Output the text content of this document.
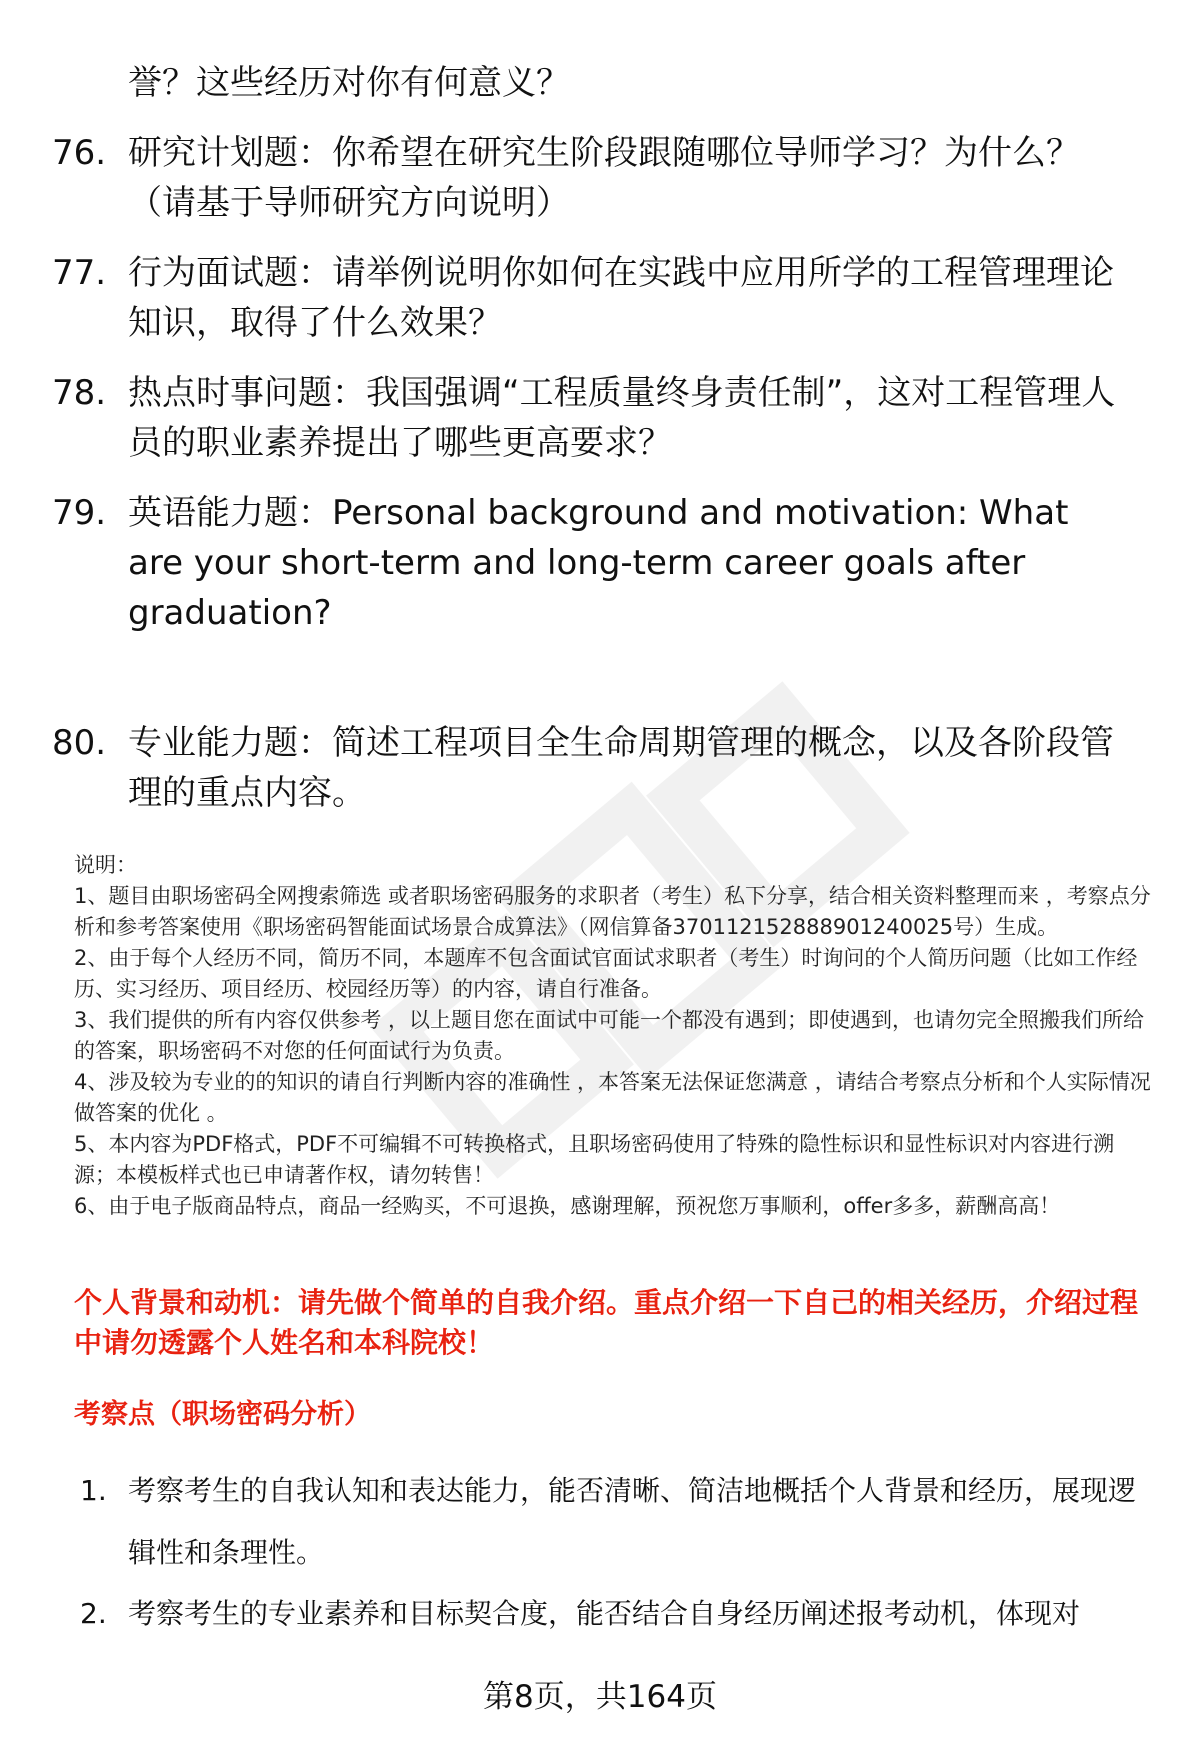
誉？这些经历对你有何意义？
76. 研究计划题：你希望在研究生阶段跟随哪位导师学习？为什么？（请基于导师研究方向说明）
77. 行为面试题：请举例说明你如何在实践中应用所学的工程管理理论知识，取得了什么效果？
78. 热点时事问题：我国强调“工程质量终身责任制”，这对工程管理人员的职业素养提出了哪些更高要求？
79. 英语能力题：Personal background and motivation: What are your short-term and long-term career goals after graduation?
80. 专业能力题：简述工程项目全生命周期管理的概念，以及各阶段管理的重点内容。

说明：

1、题目由职场密码全网搜索筛选 或者职场密码服务的求职者（考生）私下分享，结合相关资料整理而来 ，考察点分析和参考答案使用《职场密码智能面试场景合成算法》（网信算备370112152888901240025号）生成。

2、由于每个人经历不同，简历不同，本题库不包含面试官面试求职者（考生）时询问的个人简历问题（比如工作经历、实习经历、项目经历、校园经历等）的内容，请自行准备。

3、我们提供的所有内容仅供参考 ，以上题目您在面试中可能一个都没有遇到；即使遇到，也请勿完全照搬我们所给的答案，职场密码不对您的任何面试行为负责。

4、涉及较为专业的的知识的请自行判断内容的准确性 ，本答案无法保证您满意 ，请结合考察点分析和个人实际情况做答案的优化 。

5、本内容为PDF格式，PDF不可编辑不可转换格式，且职场密码使用了特殊的隐性标识和显性标识对内容进行溯源；本模板样式也已申请著作权，请勿转售！

6、由于电子版商品特点，商品一经购买，不可退换，感谢理解，预祝您万事顺利，offer多多，薪酬高高！

个人背景和动机：请先做个简单的自我介绍。重点介绍一下自己的相关经历，介绍过程中请勿透露个人姓名和本科院校！
考察点（职场密码分析）
1. 考察考生的自我认知和表达能力，能否清晰、简洁地概括个人背景和经历，展现逻辑性和条理性。
2. 考察考生的专业素养和目标契合度，能否结合自身经历阐述报考动机，体现对
第8页，共164页
